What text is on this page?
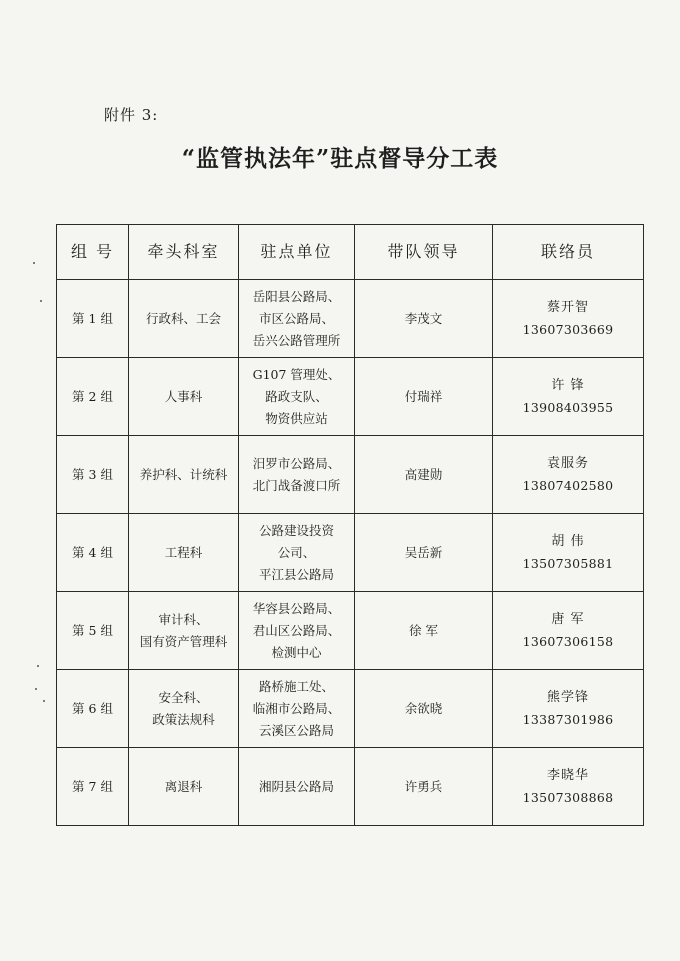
附件 3:
“监管执法年”驻点督导分工表
组 号	牵头科室	驻点单位	带队领导	联络员
第 1 组	行政科、工会	岳阳县公路局、
市区公路局、
岳兴公路管理所	李茂文	蔡开智
13607303669

第 2 组	人事科	G107 管理处、
路政支队、
物资供应站	付瑞祥	许 锋
13908403955

第 3 组	养护科、计统科	汨罗市公路局、
北门战备渡口所	高建勋	袁服务
13807402580

第 4 组	工程科	公路建设投资
公司、
平江县公路局	吴岳新	胡 伟
13507305881

第 5 组	审计科、
国有资产管理科	华容县公路局、
君山区公路局、
检测中心	徐 军	唐 军
13607306158

第 6 组	安全科、
政策法规科	路桥施工处、
临湘市公路局、
云溪区公路局	余欲晓	熊学锋
13387301986

第 7 组	离退科	湘阴县公路局	许勇兵	李晓华
13507308868
